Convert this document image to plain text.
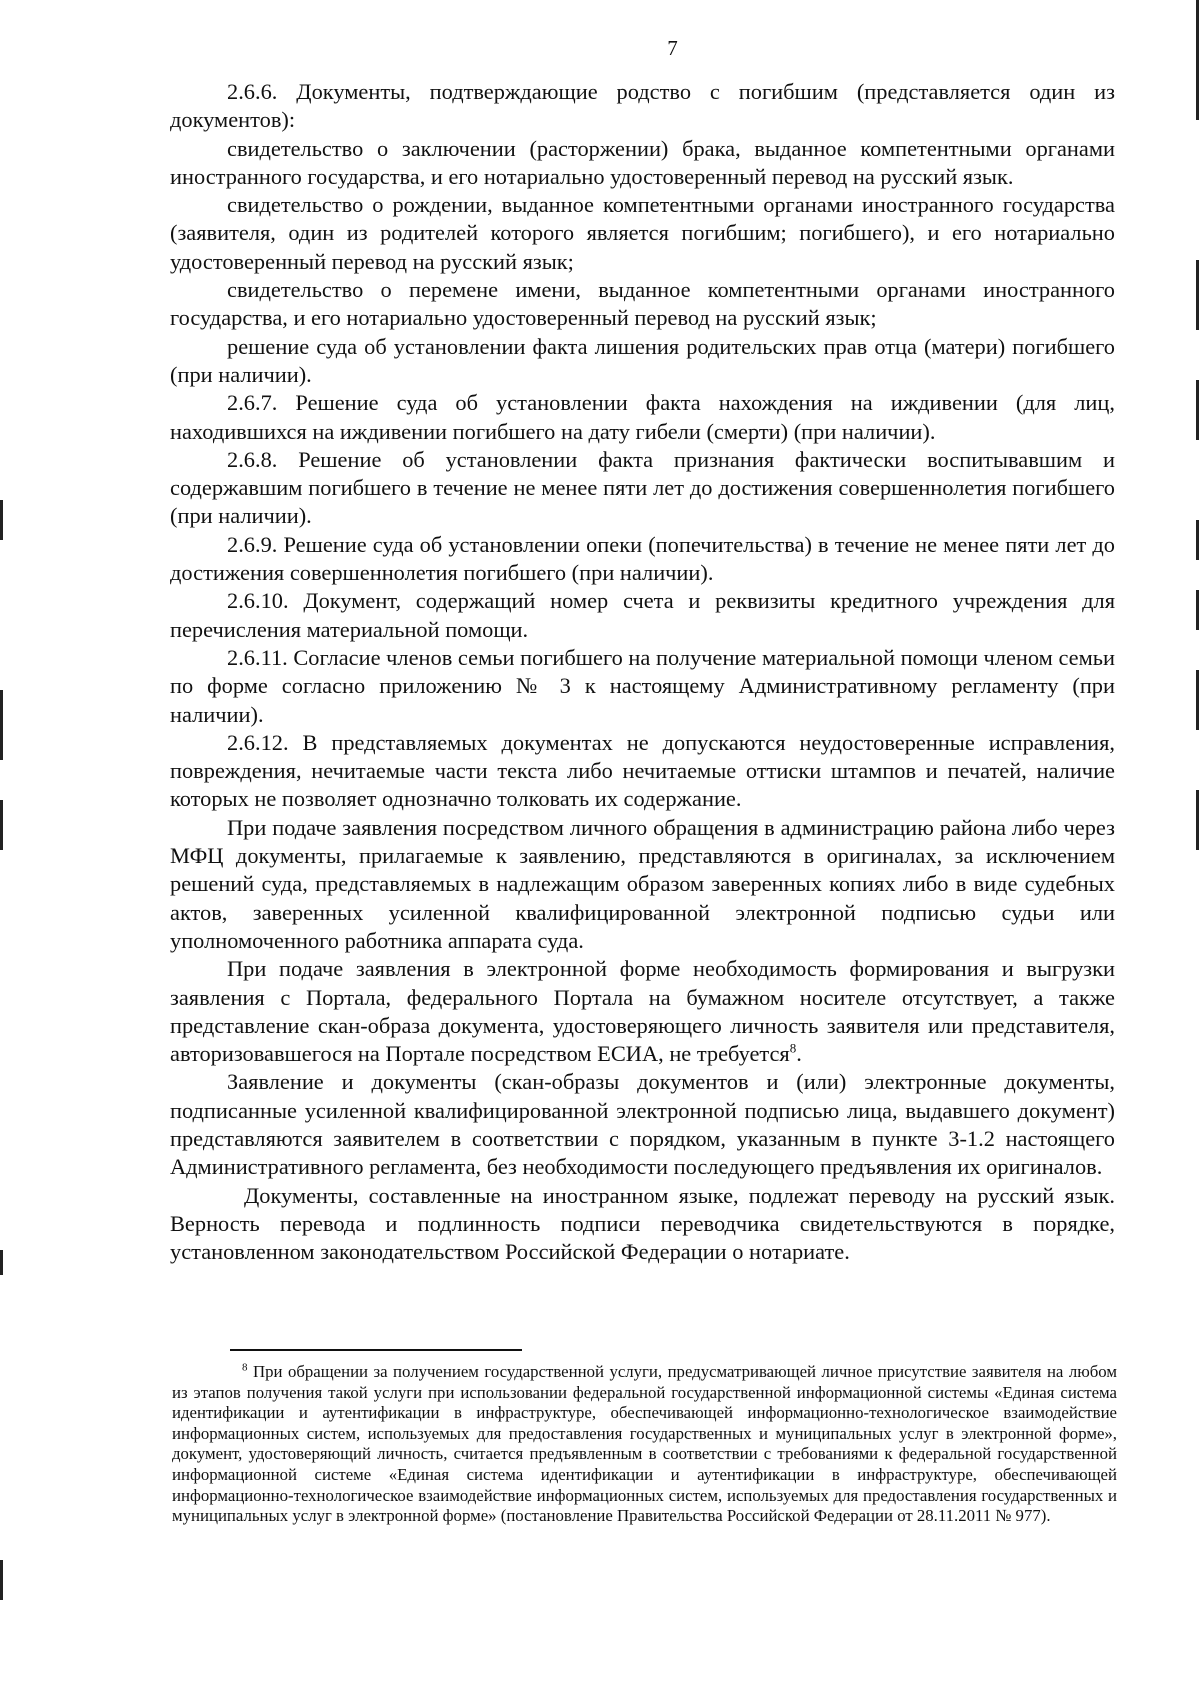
7

2.6.6. Документы, подтверждающие родство с погибшим (представляется один из документов):

свидетельство о заключении (расторжении) брака, выданное компетентными органами иностранного государства, и его нотариально удостоверенный перевод на русский язык.

свидетельство о рождении, выданное компетентными органами иностранного государства (заявителя, один из родителей которого является погибшим; погибшего), и его нотариально удостоверенный перевод на русский язык;

свидетельство о перемене имени, выданное компетентными органами иностранного государства, и его нотариально удостоверенный перевод на русский язык;

решение суда об установлении факта лишения родительских прав отца (матери) погибшего (при наличии).

2.6.7. Решение суда об установлении факта нахождения на иждивении (для лиц, находившихся на иждивении погибшего на дату гибели (смерти) (при наличии).

2.6.8. Решение об установлении факта признания фактически воспитывавшим и содержавшим погибшего в течение не менее пяти лет до достижения совершеннолетия погибшего (при наличии).

2.6.9. Решение суда об установлении опеки (попечительства) в течение не менее пяти лет до достижения совершеннолетия погибшего (при наличии).

2.6.10. Документ, содержащий номер счета и реквизиты кредитного учреждения для перечисления материальной помощи.

2.6.11. Согласие членов семьи погибшего на получение материальной помощи членом семьи по форме согласно приложению № 3 к настоящему Административному регламенту (при наличии).

2.6.12. В представляемых документах не допускаются неудостоверенные исправления, повреждения, нечитаемые части текста либо нечитаемые оттиски штампов и печатей, наличие которых не позволяет однозначно толковать их содержание.

При подаче заявления посредством личного обращения в администрацию района либо через МФЦ документы, прилагаемые к заявлению, представляются в оригиналах, за исключением решений суда, представляемых в надлежащим образом заверенных копиях либо в виде судебных актов, заверенных усиленной квалифицированной электронной подписью судьи или уполномоченного работника аппарата суда.

При подаче заявления в электронной форме необходимость формирования и выгрузки заявления с Портала, федерального Портала на бумажном носителе отсутствует, а также представление скан-образа документа, удостоверяющего личность заявителя или представителя, авторизовавшегося на Портале посредством ЕСИА, не требуется$^8$.

Заявление и документы (скан-образы документов и (или) электронные документы, подписанные усиленной квалифицированной электронной подписью лица, выдавшего документ) представляются заявителем в соответствии с порядком, указанным в пункте 3-1.2 настоящего Административного регламента, без необходимости последующего предъявления их оригиналов.

Документы, составленные на иностранном языке, подлежат переводу на русский язык. Верность перевода и подлинность подписи переводчика свидетельствуются в порядке, установленном законодательством Российской Федерации о нотариате.

$^8$ При обращении за получением государственной услуги, предусматривающей личное присутствие заявителя на любом из этапов получения такой услуги при использовании федеральной государственной информационной системы «Единая система идентификации и аутентификации в инфраструктуре, обеспечивающей информационно-технологическое взаимодействие информационных систем, используемых для предоставления государственных и муниципальных услуг в электронной форме», документ, удостоверяющий личность, считается предъявленным в соответствии с требованиями к федеральной государственной информационной системе «Единая система идентификации и аутентификации в инфраструктуре, обеспечивающей информационно-технологическое взаимодействие информационных систем, используемых для предоставления государственных и муниципальных услуг в электронной форме» (постановление Правительства Российской Федерации от 28.11.2011 № 977).
